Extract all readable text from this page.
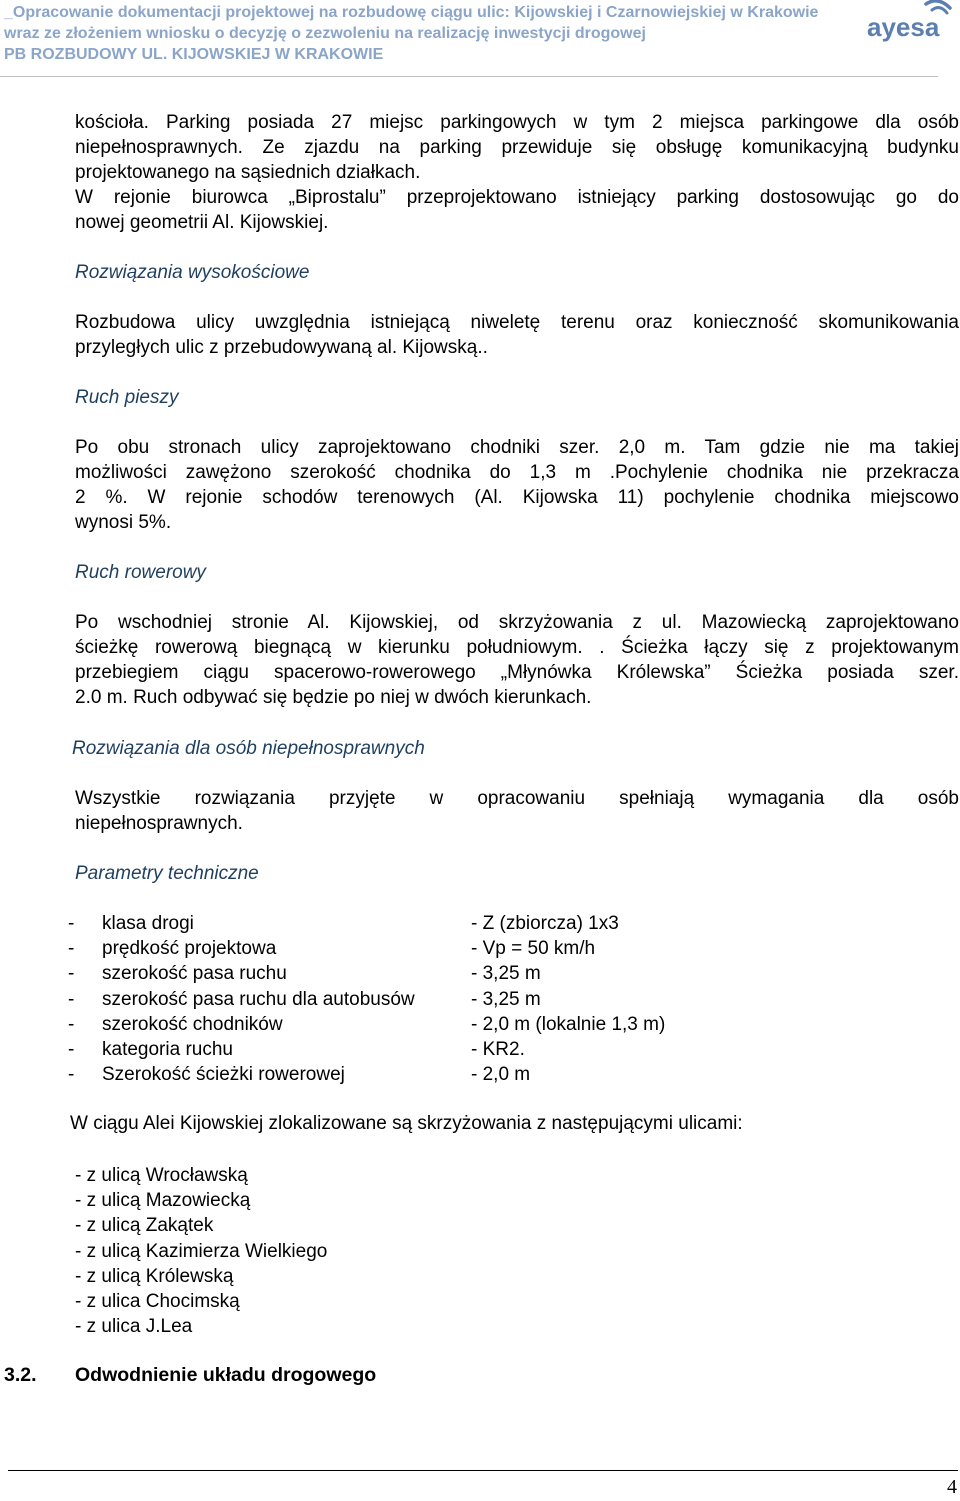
_Opracowanie dokumentacji projektowej na rozbudowę ciągu ulic: Kijowskiej i Czarnowiejskiej w Krakowie
wraz ze złożeniem wniosku o decyzję o zezwoleniu na realizację inwestycji drogowej
PB ROZBUDOWY UL. KIJOWSKIEJ W KRAKOWIE
ayesa

kościoła. Parking posiada 27 miejsc parkingowych w tym 2 miejsca parkingowe dla osób
niepełnosprawnych. Ze zjazdu na parking przewiduje się obsługę komunikacyjną budynku
projektowanego na sąsiednich działkach.

W rejonie biurowca „Biprostalu” przeprojektowano istniejący parking dostosowując go do
nowej geometrii Al. Kijowskiej.

Rozwiązania wysokościowe

Rozbudowa ulicy uwzględnia istniejącą niweletę terenu oraz konieczność skomunikowania
przyległych ulic z przebudowywaną al. Kijowską..

Ruch pieszy

Po obu stronach ulicy zaprojektowano chodniki szer. 2,0 m. Tam gdzie nie ma takiej
możliwości zawężono szerokość chodnika do 1,3 m .Pochylenie chodnika nie przekracza
2 %. W rejonie schodów terenowych (Al. Kijowska 11) pochylenie chodnika miejscowo
wynosi 5%.

Ruch rowerowy

Po wschodniej stronie Al. Kijowskiej, od skrzyżowania z ul. Mazowiecką zaprojektowano
ścieżkę rowerową biegnącą w kierunku południowym. . Ścieżka łączy się z projektowanym
przebiegiem ciągu spacerowo-rowerowego „Młynówka Królewska” Ścieżka posiada szer.
2.0 m. Ruch odbywać się będzie po niej w dwóch kierunkach.

Rozwiązania dla osób niepełnosprawnych

Wszystkie rozwiązania przyjęte w opracowaniu spełniają wymagania dla osób
niepełnosprawnych.

Parametry techniczne

- klasa drogi	- Z (zbiorcza) 1x3
- prędkość projektowa	- Vp = 50 km/h
- szerokość pasa ruchu	- 3,25 m
- szerokość pasa ruchu dla autobusów	- 3,25 m
- szerokość chodników	- 2,0 m (lokalnie 1,3 m)
- kategoria ruchu	- KR2.
- Szerokość ścieżki rowerowej	- 2,0 m
W ciągu Alei Kijowskiej zlokalizowane są skrzyżowania z następującymi ulicami:
- z ulicą Wrocławską
- z ulicą Mazowiecką
- z ulicą Zakątek
- z ulicą Kazimierza Wielkiego
- z ulicą Królewską
- z ulica Chocimską
- z ulica J.Lea
3.2. Odwodnienie układu drogowego
4
